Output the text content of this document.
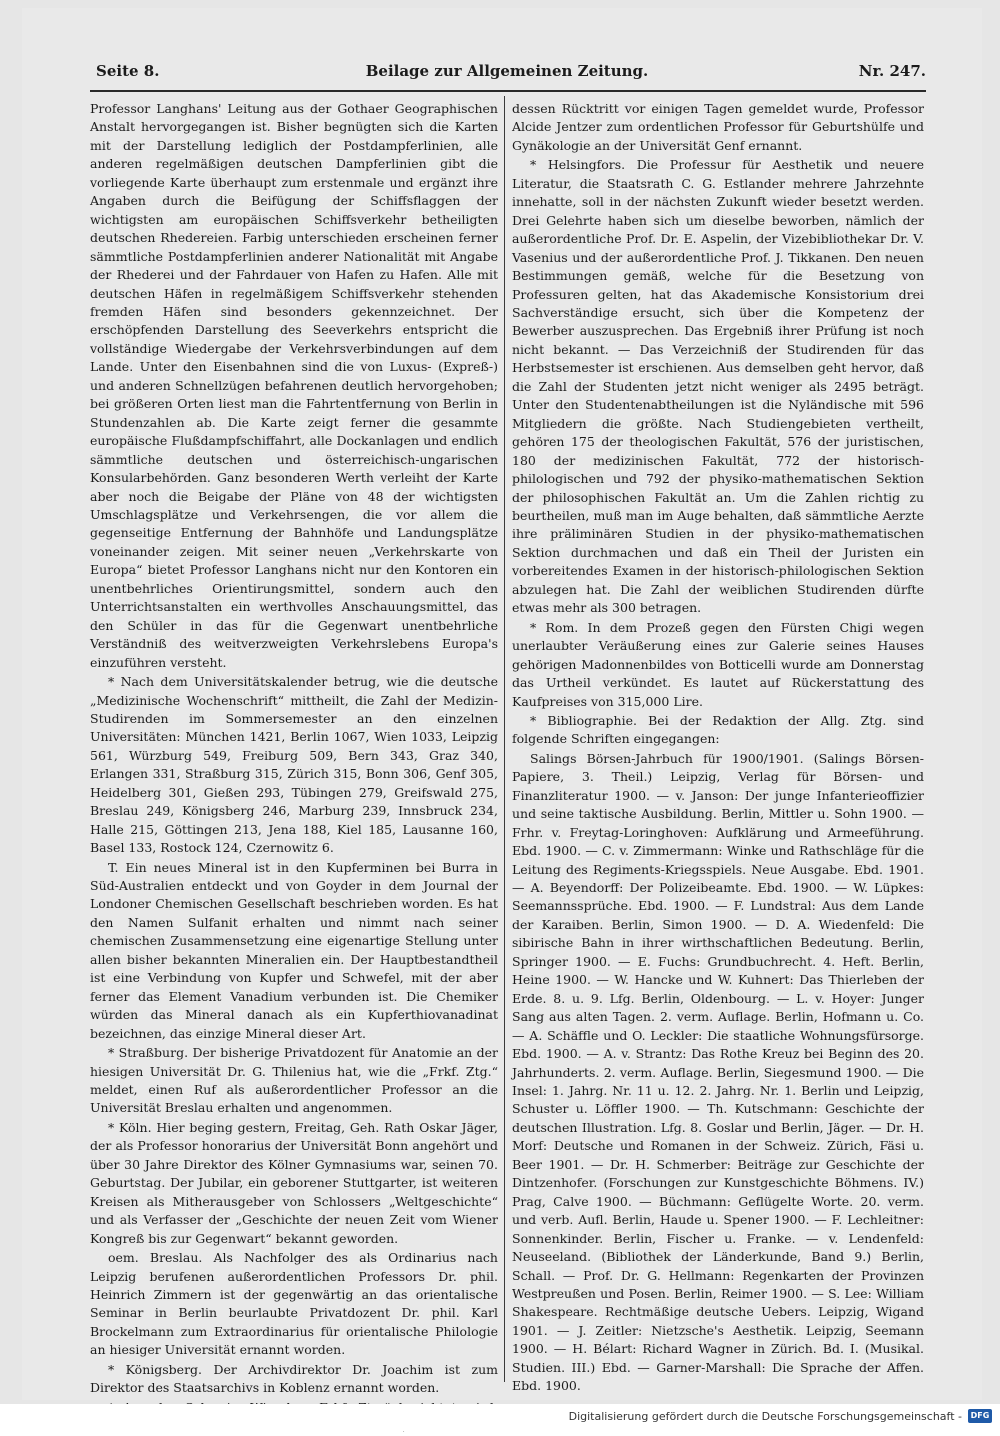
Seite 8.	Beilage zur Allgemeinen Zeitung.	Nr. 247.

Professor Langhans' Leitung aus der Gothaer Geographischen Anstalt hervorgegangen ist. Bisher begnügten sich die Karten mit der Darstellung lediglich der Postdampferlinien, alle anderen regelmäßigen deutschen Dampferlinien gibt die vorliegende Karte überhaupt zum erstenmale und ergänzt ihre Angaben durch die Beifügung der Schiffsflaggen der wichtigsten am europäischen Schiffsverkehr betheiligten deutschen Rhedereien. Farbig unterschieden erscheinen ferner sämmtliche Postdampferlinien anderer Nationalität mit Angabe der Rhederei und der Fahrdauer von Hafen zu Hafen. Alle mit deutschen Häfen in regelmäßigem Schiffsverkehr stehenden fremden Häfen sind besonders gekennzeichnet. Der erschöpfenden Darstellung des Seeverkehrs entspricht die vollständige Wiedergabe der Verkehrsverbindungen auf dem Lande. Unter den Eisenbahnen sind die von Luxus- (Expreß-) und anderen Schnellzügen befahrenen deutlich hervorgehoben; bei größeren Orten liest man die Fahrtentfernung von Berlin in Stundenzahlen ab. Die Karte zeigt ferner die gesammte europäische Flußdampfschiffahrt, alle Dockanlagen und endlich sämmtliche deutschen und österreichisch-ungarischen Konsularbehörden. Ganz besonderen Werth verleiht der Karte aber noch die Beigabe der Pläne von 48 der wichtigsten Umschlagsplätze und Verkehrsengen, die vor allem die gegenseitige Entfernung der Bahnhöfe und Landungsplätze voneinander zeigen. Mit seiner neuen „Verkehrskarte von Europa“ bietet Professor Langhans nicht nur den Kontoren ein unentbehrliches Orientirungsmittel, sondern auch den Unterrichtsanstalten ein werthvolles Anschauungsmittel, das den Schüler in das für die Gegenwart unentbehrliche Verständniß des weitverzweigten Verkehrslebens Europa's einzuführen versteht.

* Nach dem Universitätskalender betrug, wie die deutsche „Medizinische Wochenschrift“ mittheilt, die Zahl der Medizin-Studirenden im Sommersemester an den einzelnen Universitäten: München 1421, Berlin 1067, Wien 1033, Leipzig 561, Würzburg 549, Freiburg 509, Bern 343, Graz 340, Erlangen 331, Straßburg 315, Zürich 315, Bonn 306, Genf 305, Heidelberg 301, Gießen 293, Tübingen 279, Greifswald 275, Breslau 249, Königsberg 246, Marburg 239, Innsbruck 234, Halle 215, Göttingen 213, Jena 188, Kiel 185, Lausanne 160, Basel 133, Rostock 124, Czernowitz 6.

T. Ein neues Mineral ist in den Kupferminen bei Burra in Süd-Australien entdeckt und von Goyder in dem Journal der Londoner Chemischen Gesellschaft beschrieben worden. Es hat den Namen Sulfanit erhalten und nimmt nach seiner chemischen Zusammensetzung eine eigenartige Stellung unter allen bisher bekannten Mineralien ein. Der Hauptbestandtheil ist eine Verbindung von Kupfer und Schwefel, mit der aber ferner das Element Vanadium verbunden ist. Die Chemiker würden das Mineral danach als ein Kupferthiovanadinat bezeichnen, das einzige Mineral dieser Art.

* Straßburg. Der bisherige Privatdozent für Anatomie an der hiesigen Universität Dr. G. Thilenius hat, wie die „Frkf. Ztg.“ meldet, einen Ruf als außerordentlicher Professor an die Universität Breslau erhalten und angenommen.

* Köln. Hier beging gestern, Freitag, Geh. Rath Oskar Jäger, der als Professor honorarius der Universität Bonn angehört und über 30 Jahre Direktor des Kölner Gymnasiums war, seinen 70. Geburtstag. Der Jubilar, ein geborener Stuttgarter, ist weiteren Kreisen als Mitherausgeber von Schlossers „Weltgeschichte“ und als Verfasser der „Geschichte der neuen Zeit vom Wiener Kongreß bis zur Gegenwart“ bekannt geworden.

oem. Breslau. Als Nachfolger des als Ordinarius nach Leipzig berufenen außerordentlichen Professors Dr. phil. Heinrich Zimmern ist der gegenwärtig an das orientalische Seminar in Berlin beurlaubte Privatdozent Dr. phil. Karl Brockelmann zum Extraordinarius für orientalische Philologie an hiesiger Universität ernannt worden.

* Königsberg. Der Archivdirektor Dr. Joachim ist zum Direktor des Staatsarchivs in Koblenz ernannt worden.

dessen Rücktritt vor einigen Tagen gemeldet wurde, Professor Alcide Jentzer zum ordentlichen Professor für Geburtshülfe und Gynäkologie an der Universität Genf ernannt.

* Helsingfors. Die Professur für Aesthetik und neuere Literatur, die Staatsrath C. G. Estlander mehrere Jahrzehnte innehatte, soll in der nächsten Zukunft wieder besetzt werden. Drei Gelehrte haben sich um dieselbe beworben, nämlich der außerordentliche Prof. Dr. E. Aspelin, der Vizebibliothekar Dr. V. Vasenius und der außerordentliche Prof. J. Tikkanen. Den neuen Bestimmungen gemäß, welche für die Besetzung von Professuren gelten, hat das Akademische Konsistorium drei Sachverständige ersucht, sich über die Kompetenz der Bewerber auszusprechen. Das Ergebniß ihrer Prüfung ist noch nicht bekannt. — Das Verzeichniß der Studirenden für das Herbstsemester ist erschienen. Aus demselben geht hervor, daß die Zahl der Studenten jetzt nicht weniger als 2495 beträgt. Unter den Studentenabtheilungen ist die Nyländische mit 596 Mitgliedern die größte. Nach Studiengebieten vertheilt, gehören 175 der theologischen Fakultät, 576 der juristischen, 180 der medizinischen Fakultät, 772 der historisch-philologischen und 792 der physiko-mathematischen Sektion der philosophischen Fakultät an. Um die Zahlen richtig zu beurtheilen, muß man im Auge behalten, daß sämmtliche Aerzte ihre präliminären Studien in der physiko-mathematischen Sektion durchmachen und daß ein Theil der Juristen ein vorbereitendes Examen in der historisch-philologischen Sektion abzulegen hat. Die Zahl der weiblichen Studirenden dürfte etwas mehr als 300 betragen.

* Rom. In dem Prozeß gegen den Fürsten Chigi wegen unerlaubter Veräußerung eines zur Galerie seines Hauses gehörigen Madonnenbildes von Botticelli wurde am Donnerstag das Urtheil verkündet. Es lautet auf Rückerstattung des Kaufpreises von 315,000 Lire.

* Bibliographie. Bei der Redaktion der Allg. Ztg. sind folgende Schriften eingegangen:

Salings Börsen-Jahrbuch für 1900/1901. (Salings Börsen-Papiere, 3. Theil.) Leipzig, Verlag für Börsen- und Finanzliteratur 1900. — v. Janson: Der junge Infanterieoffizier und seine taktische Ausbildung. Berlin, Mittler u. Sohn 1900. — Frhr. v. Freytag-Loringhoven: Aufklärung und Armeeführung. Ebd. 1900. — C. v. Zimmermann: Winke und Rathschläge für die Leitung des Regiments-Kriegsspiels. Neue Ausgabe. Ebd. 1901. — A. Beyendorff: Der Polizeibeamte. Ebd. 1900. — W. Lüpkes: Seemannssprüche. Ebd. 1900. — F. Lundstral: Aus dem Lande der Karaiben. Berlin, Simon 1900. — D. A. Wiedenfeld: Die sibirische Bahn in ihrer wirthschaftlichen Bedeutung. Berlin, Springer 1900. — E. Fuchs: Grundbuchrecht. 4. Heft. Berlin, Heine 1900. — W. Hancke und W. Kuhnert: Das Thierleben der Erde. 8. u. 9. Lfg. Berlin, Oldenbourg. — L. v. Hoyer: Junger Sang aus alten Tagen. 2. verm. Auflage. Berlin, Hofmann u. Co. — A. Schäffle und O. Leckler: Die staatliche Wohnungsfürsorge. Ebd. 1900. — A. v. Strantz: Das Rothe Kreuz bei Beginn des 20. Jahrhunderts. 2. verm. Auflage. Berlin, Siegesmund 1900. — Die Insel: 1. Jahrg. Nr. 11 u. 12. 2. Jahrg. Nr. 1. Berlin und Leipzig, Schuster u. Löffler 1900. — Th. Kutschmann: Geschichte der deutschen Illustration. Lfg. 8. Goslar und Berlin, Jäger. — Dr. H. Morf: Deutsche und Romanen in der Schweiz. Zürich, Fäsi u. Beer 1901. — Dr. H. Schmerber: Beiträge zur Geschichte der Dintzenhofer. (Forschungen zur Kunstgeschichte Böhmens. IV.) Prag, Calve 1900. — Büchmann: Geflügelte Worte. 20. verm. und verb. Aufl. Berlin, Haude u. Spener 1900. — F. Lechleitner: Sonnenkinder. Berlin, Fischer u. Franke. — v. Lendenfeld: Neuseeland. (Bibliothek der Länderkunde, Band 9.) Berlin, Schall. — Prof. Dr. G. Hellmann: Regenkarten der Provinzen Westpreußen und Posen. Berlin, Reimer 1900. — S. Lee: William Shakespeare. Rechtmäßige deutsche Uebers. Leipzig, Wigand 1901. — J. Zeitler: Nietzsche's Aesthetik. Leipzig, Seemann 1900. — H. Bélart: Richard Wagner in Zürich. Bd. I. (Musikal. Studien. III.) Ebd. — Garner-Marshall: Die Sprache der Affen. Ebd. 1900.

Digitalisierung gefördert durch die Deutsche Forschungsgemeinschaft -	DFG
